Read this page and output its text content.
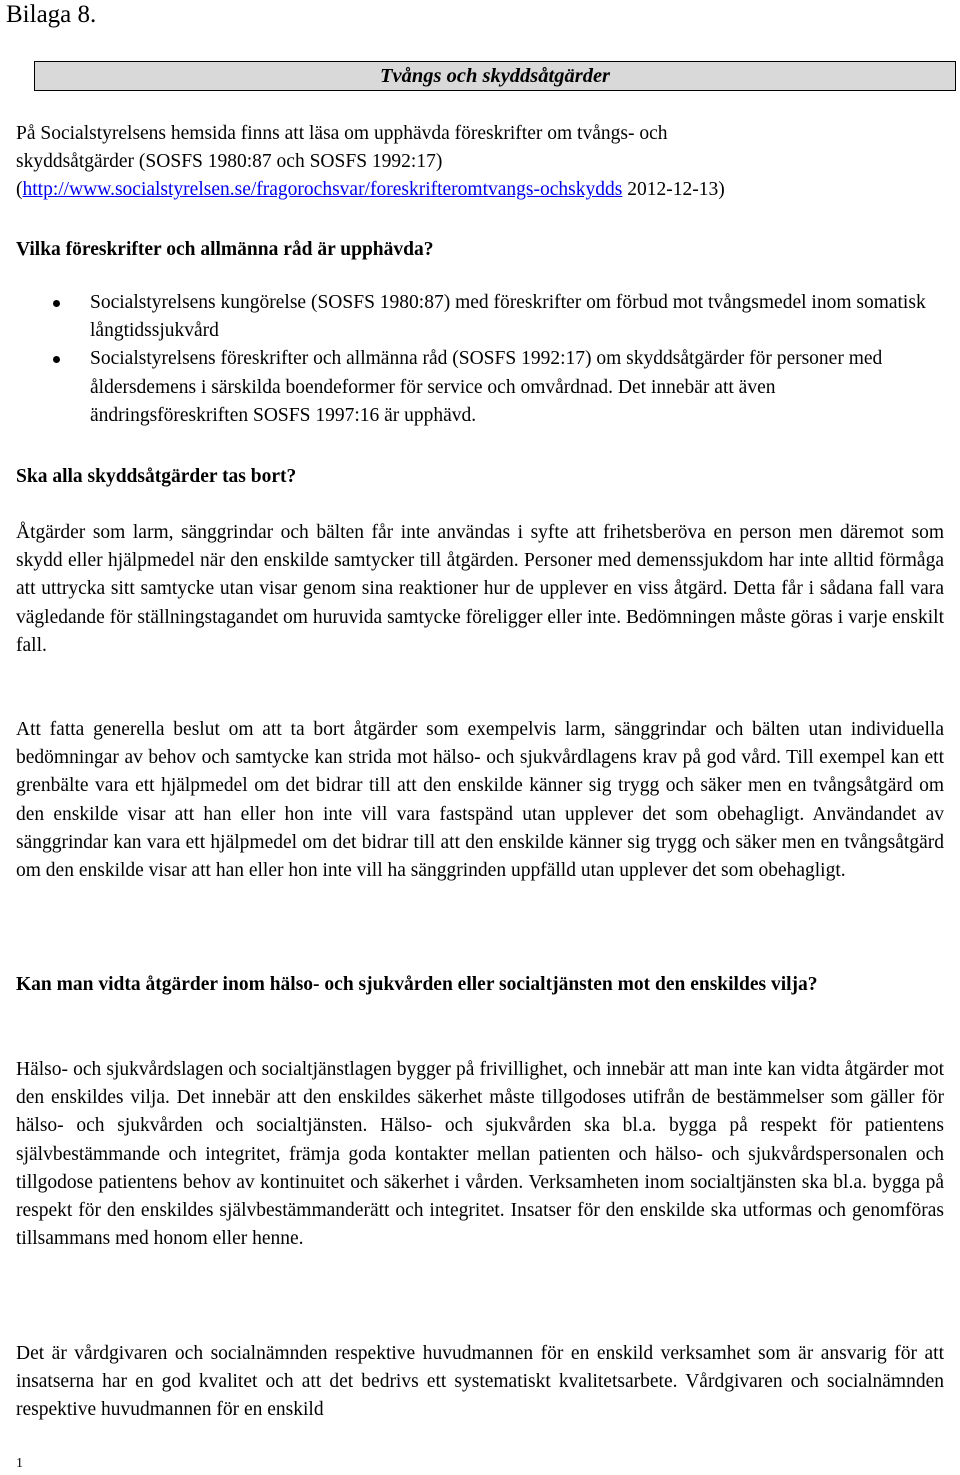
Bilaga 8.

Tvångs och skyddsåtgärder

På Socialstyrelsens hemsida finns att läsa om upphävda föreskrifter om tvångs- och
skyddsåtgärder (SOSFS 1980:87 och SOSFS 1992:17)
(http://www.socialstyrelsen.se/fragorochsvar/foreskrifteromtvangs-ochskydds 2012-12-13)

Vilka föreskrifter och allmänna råd är upphävda?
Socialstyrelsens kungörelse (SOSFS 1980:87) med föreskrifter om förbud mot tvångsmedel inom somatisk långtidssjukvård
Socialstyrelsens föreskrifter och allmänna råd (SOSFS 1992:17) om skyddsåtgärder för personer med åldersdemens i särskilda boendeformer för service och omvårdnad. Det innebär att även ändringsföreskriften SOSFS 1997:16 är upphävd.
Ska alla skyddsåtgärder tas bort?

Åtgärder som larm, sänggrindar och bälten får inte användas i syfte att frihetsberöva en person men däremot som skydd eller hjälpmedel när den enskilde samtycker till åtgärden. Personer med demenssjukdom har inte alltid förmåga att uttrycka sitt samtycke utan visar genom sina reaktioner hur de upplever en viss åtgärd. Detta får i sådana fall vara vägledande för ställningstagandet om huruvida samtycke föreligger eller inte. Bedömningen måste göras i varje enskilt fall.

Att fatta generella beslut om att ta bort åtgärder som exempelvis larm, sänggrindar och bälten utan individuella bedömningar av behov och samtycke kan strida mot hälso- och sjukvårdlagens krav på god vård. Till exempel kan ett grenbälte vara ett hjälpmedel om det bidrar till att den enskilde känner sig trygg och säker men en tvångsåtgärd om den enskilde visar att han eller hon inte vill vara fastspänd utan upplever det som obehagligt. Användandet av sänggrindar kan vara ett hjälpmedel om det bidrar till att den enskilde känner sig trygg och säker men en tvångsåtgärd om den enskilde visar att han eller hon inte vill ha sänggrinden uppfälld utan upplever det som obehagligt.

Kan man vidta åtgärder inom hälso- och sjukvården eller socialtjänsten mot den enskildes vilja?

Hälso- och sjukvårdslagen och socialtjänstlagen bygger på frivillighet, och innebär att man inte kan vidta åtgärder mot den enskildes vilja. Det innebär att den enskildes säkerhet måste tillgodoses utifrån de bestämmelser som gäller för hälso- och sjukvården och socialtjänsten. Hälso- och sjukvården ska bl.a. bygga på respekt för patientens självbestämmande och integritet, främja goda kontakter mellan patienten och hälso- och sjukvårdspersonalen och tillgodose patientens behov av kontinuitet och säkerhet i vården. Verksamheten inom socialtjänsten ska bl.a. bygga på respekt för den enskildes självbestämmanderätt och integritet. Insatser för den enskilde ska utformas och genomföras tillsammans med honom eller henne.

Det är vårdgivaren och socialnämnden respektive huvudmannen för en enskild verksamhet som är ansvarig för att insatserna har en god kvalitet och att det bedrivs ett systematiskt kvalitetsarbete. Vårdgivaren och socialnämnden respektive huvudmannen för en enskild

1
